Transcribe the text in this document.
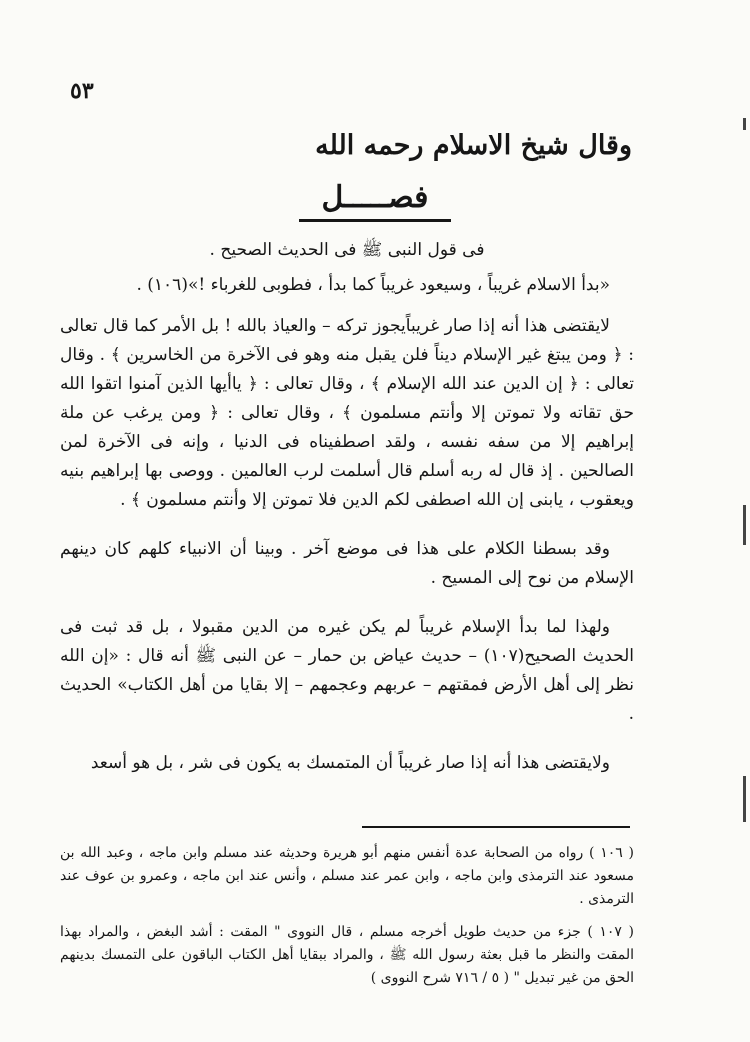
٥٣
وقال شيخ الاسلام رحمه الله
فصـــــل

فى قول النبى ﷺ فى الحديث الصحيح .

«بدأ الاسلام غريباً ، وسيعود غريباً كما بدأ ، فطوبى للغرباء !»(١٠٦) .

لايقتضى هذا أنه إذا صار غريباًيجوز تركه – والعياذ بالله ! بل الأمر كما قال تعالى : ﴿ ومن يبتغ غير الإسلام ديناً فلن يقبل منه وهو فى الآخرة من الخاسرين ﴾ . وقال تعالى : ﴿ إن الدين عند الله الإسلام ﴾ ، وقال تعالى : ﴿ ياأيها الذين آمنوا اتقوا الله حق تقاته ولا تموتن إلا وأنتم مسلمون ﴾ ، وقال تعالى : ﴿ ومن يرغب عن ملة إبراهيم إلا من سفه نفسه ، ولقد اصطفيناه فى الدنيا ، وإنه فى الآخرة لمن الصالحين . إذ قال له ربه أسلم قال أسلمت لرب العالمين . ووصى بها إبراهيم بنيه ويعقوب ، يابنى إن الله اصطفى لكم الدين فلا تموتن إلا وأنتم مسلمون ﴾ .

وقد بسطنا الكلام على هذا فى موضع آخر . وبينا أن الانبياء كلهم كان دينهم الإسلام من نوح إلى المسيح .

ولهذا لما بدأ الإسلام غريباً لم يكن غيره من الدين مقبولا ، بل قد ثبت فى الحديث الصحيح(١٠٧) – حديث عياض بن حمار – عن النبى ﷺ أنه قال : «إن الله نظر إلى أهل الأرض فمقتهم – عربهم وعجمهم – إلا بقايا من أهل الكتاب» الحديث .

ولايقتضى هذا أنه إذا صار غريباً أن المتمسك به يكون فى شر ، بل هو أسعد

( ١٠٦ ) رواه من الصحابة عدة أنفس منهم أبو هريرة وحديثه عند مسلم وابن ماجه ، وعبد الله بن مسعود عند الترمذى وابن ماجه ، وابن عمر عند مسلم ، وأنس عند ابن ماجه ، وعمرو بن عوف عند الترمذى .

( ١٠٧ ) جزء من حديث طويل أخرجه مسلم ، قال النووى " المقت : أشد البغض ، والمراد بهذا المقت والنظر ما قبل بعثة رسول الله ﷺ ، والمراد ببقايا أهل الكتاب الباقون على التمسك بدينهم الحق من غير تبديل " ( ٥ / ٧١٦ شرح النووى )
